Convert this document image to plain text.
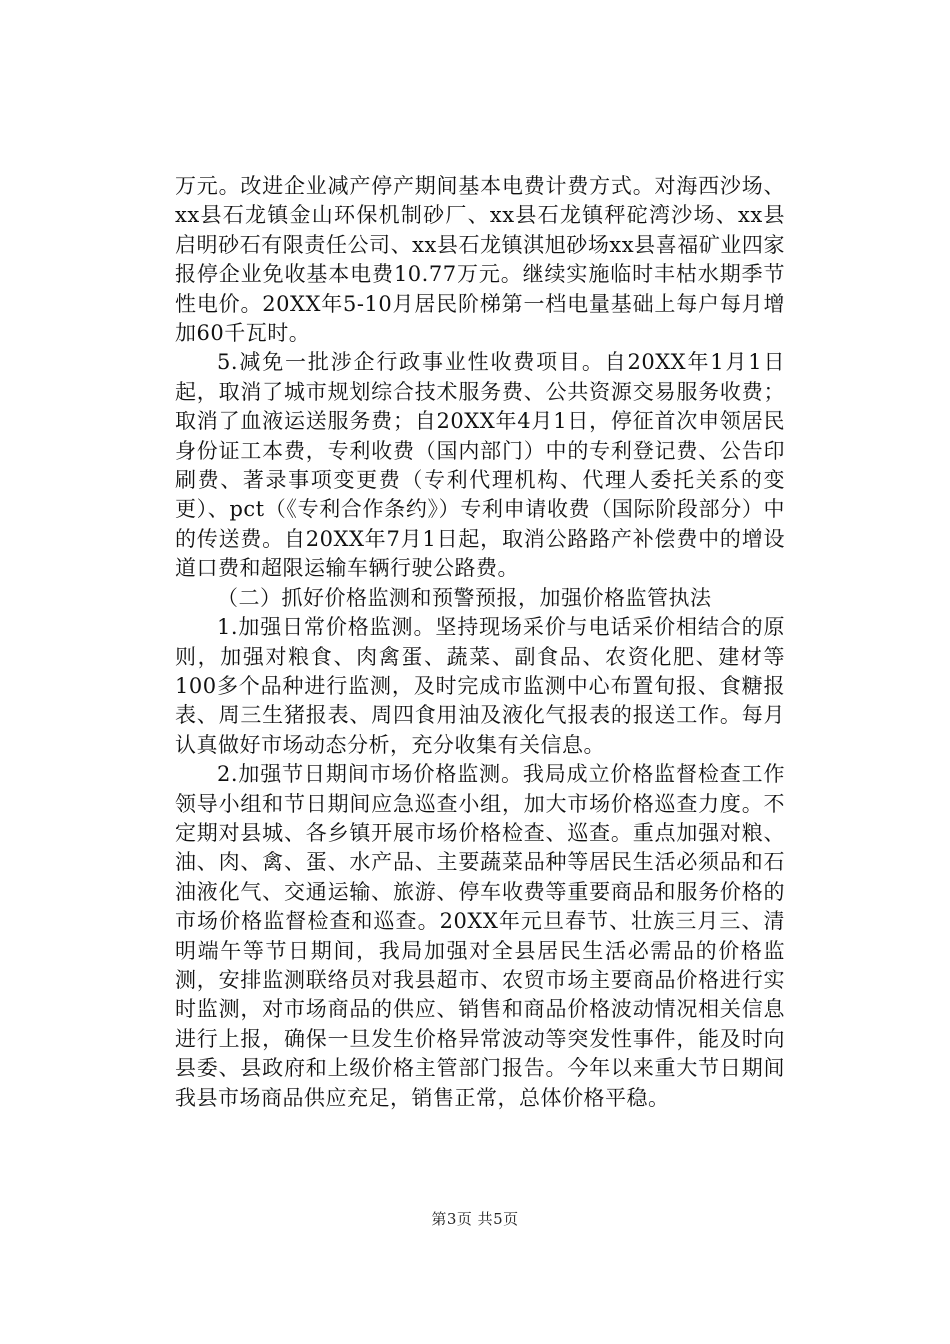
万元。改进企业减产停产期间基本电费计费方式。对海西沙场、xx县石龙镇金山环保机制砂厂、xx县石龙镇秤砣湾沙场、xx县启明砂石有限责任公司、xx县石龙镇淇旭砂场xx县喜福矿业四家报停企业免收基本电费10.77万元。继续实施临时丰枯水期季节性电价。20XX年5-10月居民阶梯第一档电量基础上每户每月增加60千瓦时。

5.减免一批涉企行政事业性收费项目。自20XX年1月1日起，取消了城市规划综合技术服务费、公共资源交易服务收费；取消了血液运送服务费；自20XX年4月1日，停征首次申领居民身份证工本费，专利收费（国内部门）中的专利登记费、公告印刷费、著录事项变更费（专利代理机构、代理人委托关系的变更）、pct（《专利合作条约》）专利申请收费（国际阶段部分）中的传送费。自20XX年7月1日起，取消公路路产补偿费中的增设道口费和超限运输车辆行驶公路费。

（二）抓好价格监测和预警预报，加强价格监管执法

1.加强日常价格监测。坚持现场采价与电话采价相结合的原则，加强对粮食、肉禽蛋、蔬菜、副食品、农资化肥、建材等100多个品种进行监测，及时完成市监测中心布置旬报、食糖报表、周三生猪报表、周四食用油及液化气报表的报送工作。每月认真做好市场动态分析，充分收集有关信息。

2.加强节日期间市场价格监测。我局成立价格监督检查工作领导小组和节日期间应急巡查小组，加大市场价格巡查力度。不定期对县城、各乡镇开展市场价格检查、巡查。重点加强对粮、油、肉、禽、蛋、水产品、主要蔬菜品种等居民生活必须品和石油液化气、交通运输、旅游、停车收费等重要商品和服务价格的市场价格监督检查和巡查。20XX年元旦春节、壮族三月三、清明端午等节日期间，我局加强对全县居民生活必需品的价格监测，安排监测联络员对我县超市、农贸市场主要商品价格进行实时监测，对市场商品的供应、销售和商品价格波动情况相关信息进行上报，确保一旦发生价格异常波动等突发性事件，能及时向县委、县政府和上级价格主管部门报告。今年以来重大节日期间我县市场商品供应充足，销售正常，总体价格平稳。

第3页 共5页
